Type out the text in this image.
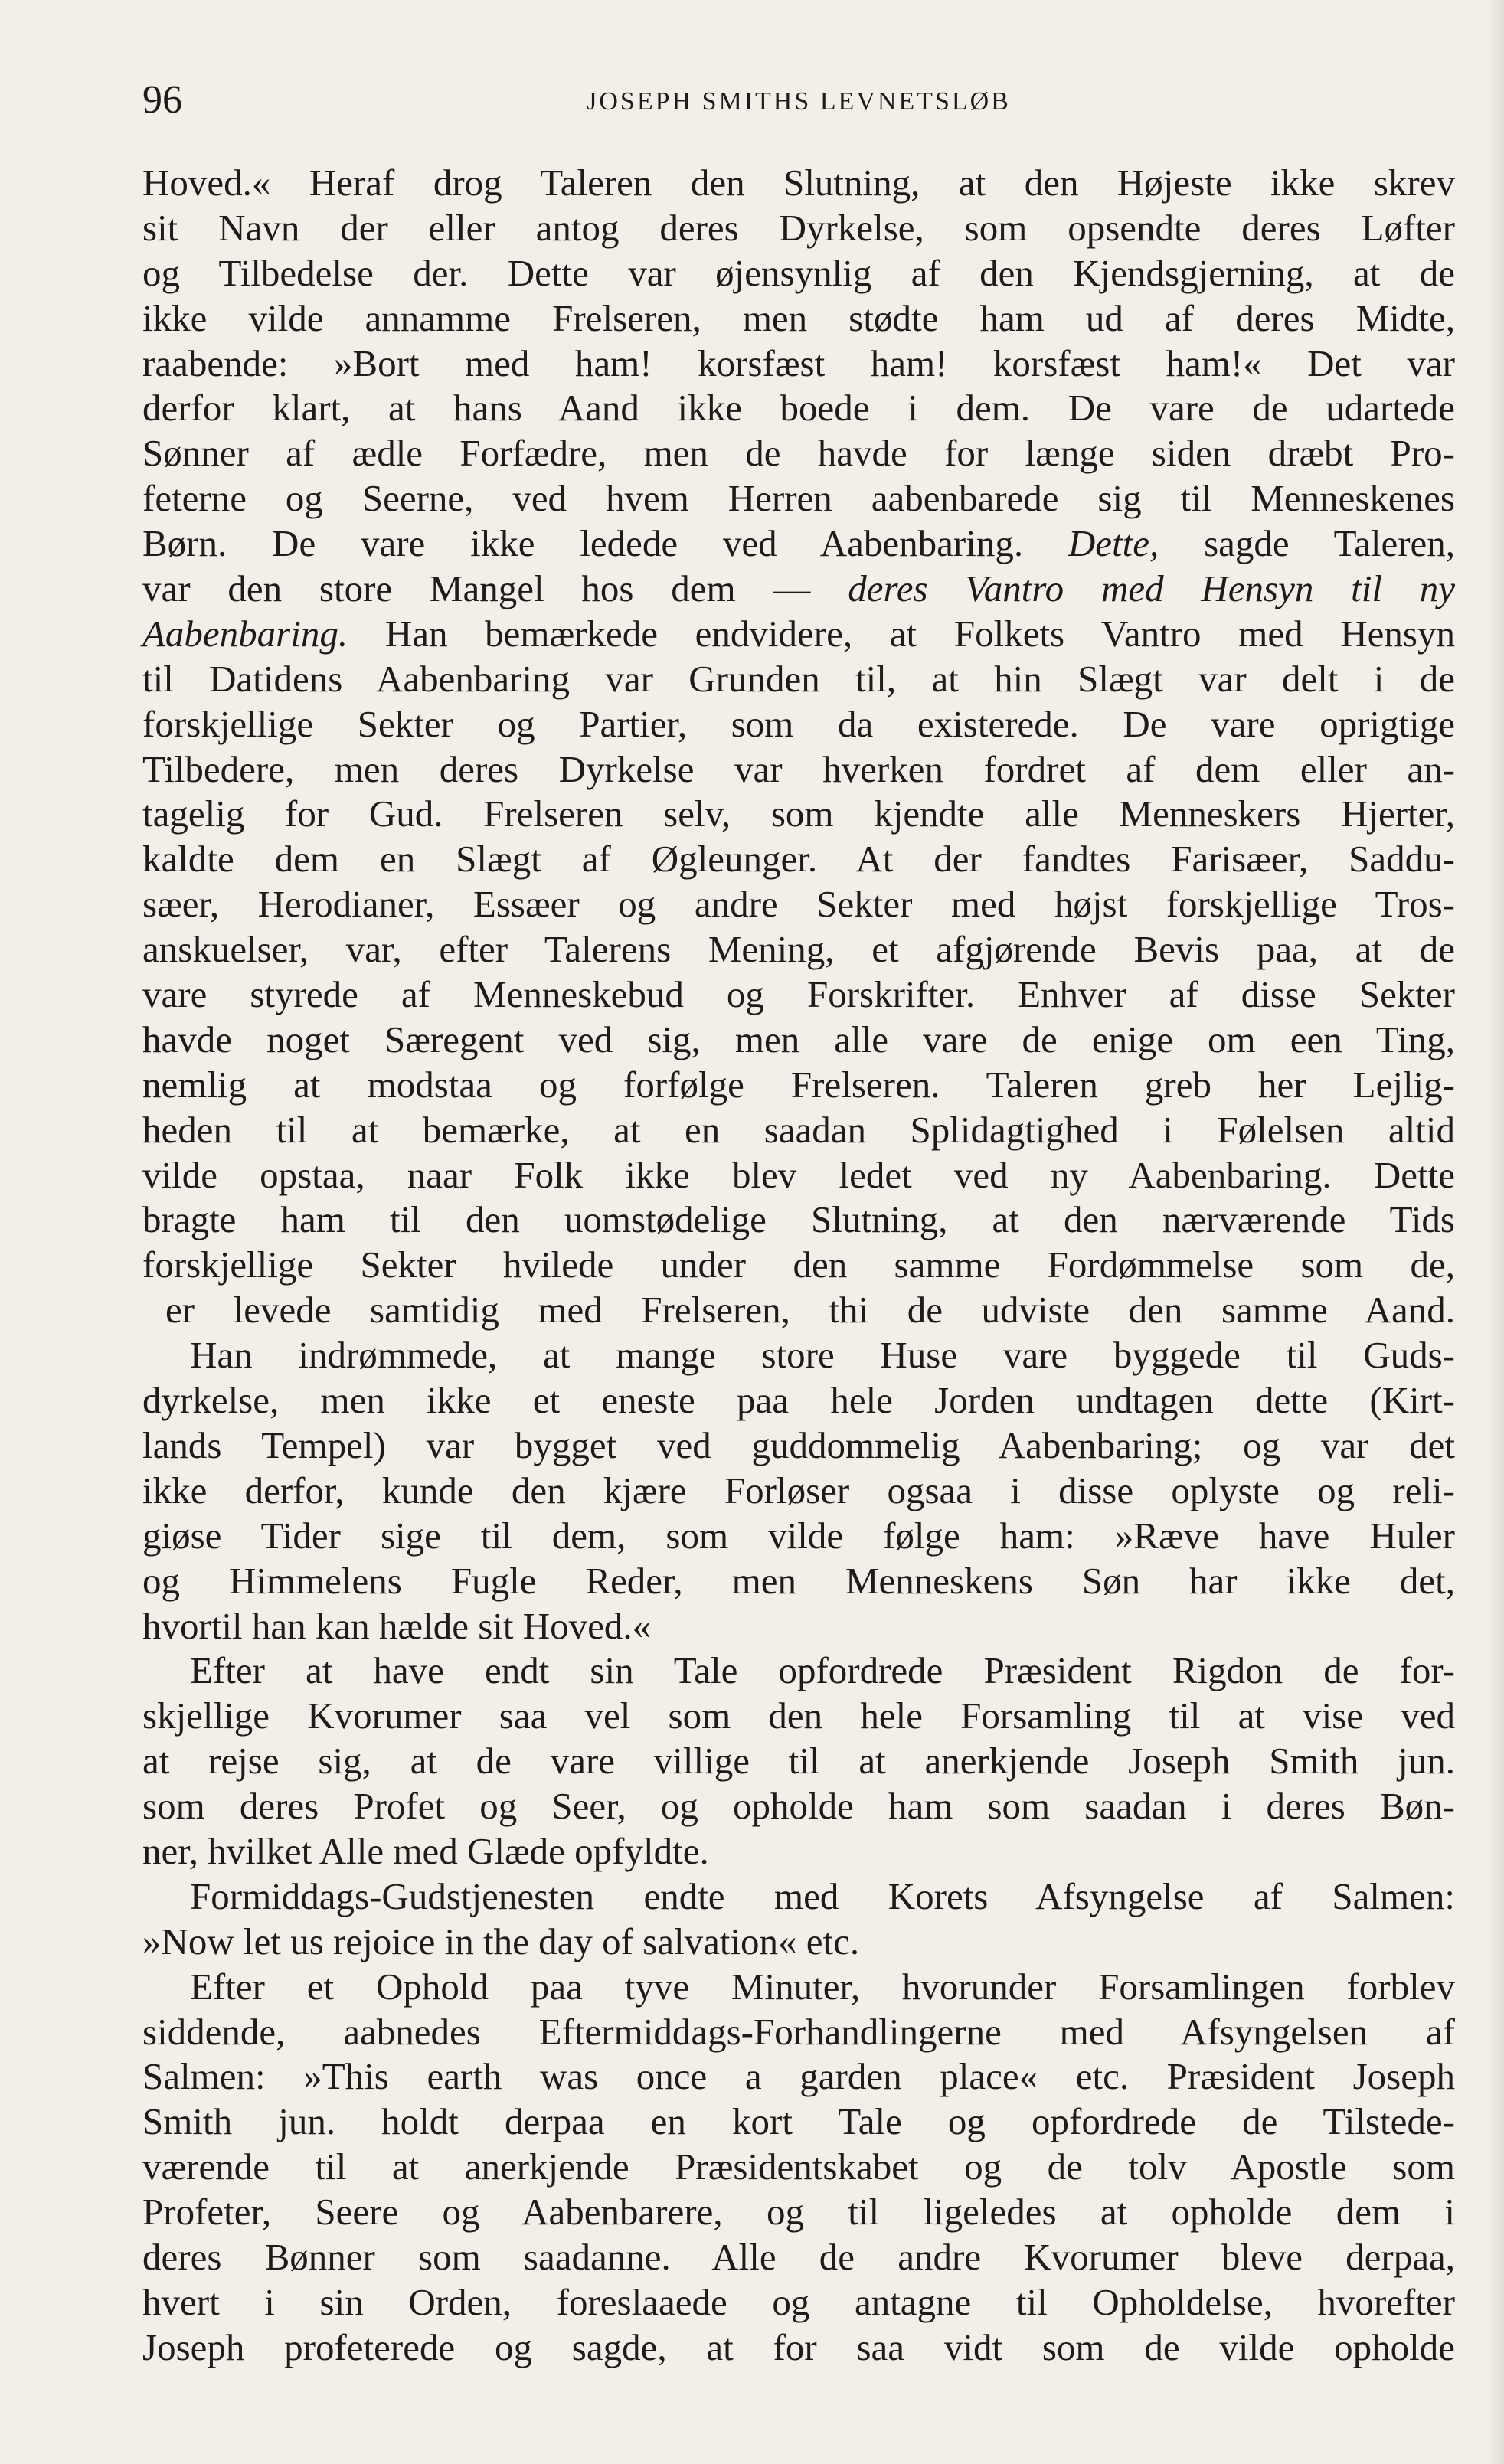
96	JOSEPH SMITHS LEVNETSLØB
Hoved.« Heraf drog Taleren den Slutning, at den Højeste ikke skrev
sit Navn der eller antog deres Dyrkelse, som opsendte deres Løfter
og Tilbedelse der. Dette var øjensynlig af den Kjendsgjerning, at de
ikke vilde annamme Frelseren, men stødte ham ud af deres Midte,
raabende: »Bort med ham! korsfæst ham! korsfæst ham!« Det var
derfor klart, at hans Aand ikke boede i dem. De vare de udartede
Sønner af ædle Forfædre, men de havde for længe siden dræbt Pro-
feterne og Seerne, ved hvem Herren aabenbarede sig til Menneskenes
Børn. De vare ikke ledede ved Aabenbaring. Dette, sagde Taleren,
var den store Mangel hos dem — deres Vantro med Hensyn til ny
Aabenbaring. Han bemærkede endvidere, at Folkets Vantro med Hensyn
til Datidens Aabenbaring var Grunden til, at hin Slægt var delt i de
forskjellige Sekter og Partier, som da existerede. De vare oprigtige
Tilbedere, men deres Dyrkelse var hverken fordret af dem eller an-
tagelig for Gud. Frelseren selv, som kjendte alle Menneskers Hjerter,
kaldte dem en Slægt af Øgleunger. At der fandtes Farisæer, Saddu-
sæer, Herodianer, Essæer og andre Sekter med højst forskjellige Tros-
anskuelser, var, efter Talerens Mening, et afgjørende Bevis paa, at de
vare styrede af Menneskebud og Forskrifter. Enhver af disse Sekter
havde noget Særegent ved sig, men alle vare de enige om een Ting,
nemlig at modstaa og forfølge Frelseren. Taleren greb her Lejlig-
heden til at bemærke, at en saadan Splidagtighed i Følelsen altid
vilde opstaa, naar Folk ikke blev ledet ved ny Aabenbaring. Dette
bragte ham til den uomstødelige Slutning, at den nærværende Tids
forskjellige Sekter hvilede under den samme Fordømmelse som de,
er levede samtidig med Frelseren, thi de udviste den samme Aand.
Han indrømmede, at mange store Huse vare byggede til Guds-
dyrkelse, men ikke et eneste paa hele Jorden undtagen dette (Kirt-
lands Tempel) var bygget ved guddommelig Aabenbaring; og var det
ikke derfor, kunde den kjære Forløser ogsaa i disse oplyste og reli-
giøse Tider sige til dem, som vilde følge ham: »Ræve have Huler
og Himmelens Fugle Reder, men Menneskens Søn har ikke det,
hvortil han kan hælde sit Hoved.«
Efter at have endt sin Tale opfordrede Præsident Rigdon de for-
skjellige Kvorumer saa vel som den hele Forsamling til at vise ved
at rejse sig, at de vare villige til at anerkjende Joseph Smith jun.
som deres Profet og Seer, og opholde ham som saadan i deres Bøn-
ner, hvilket Alle med Glæde opfyldte.
Formiddags-Gudstjenesten endte med Korets Afsyngelse af Salmen:
»Now let us rejoice in the day of salvation« etc.
Efter et Ophold paa tyve Minuter, hvorunder Forsamlingen forblev
siddende, aabnedes Eftermiddags-Forhandlingerne med Afsyngelsen af
Salmen: »This earth was once a garden place« etc. Præsident Joseph
Smith jun. holdt derpaa en kort Tale og opfordrede de Tilstede-
værende til at anerkjende Præsidentskabet og de tolv Apostle som
Profeter, Seere og Aabenbarere, og til ligeledes at opholde dem i
deres Bønner som saadanne. Alle de andre Kvorumer bleve derpaa,
hvert i sin Orden, foreslaaede og antagne til Opholdelse, hvorefter
Joseph profeterede og sagde, at for saa vidt som de vilde opholde
